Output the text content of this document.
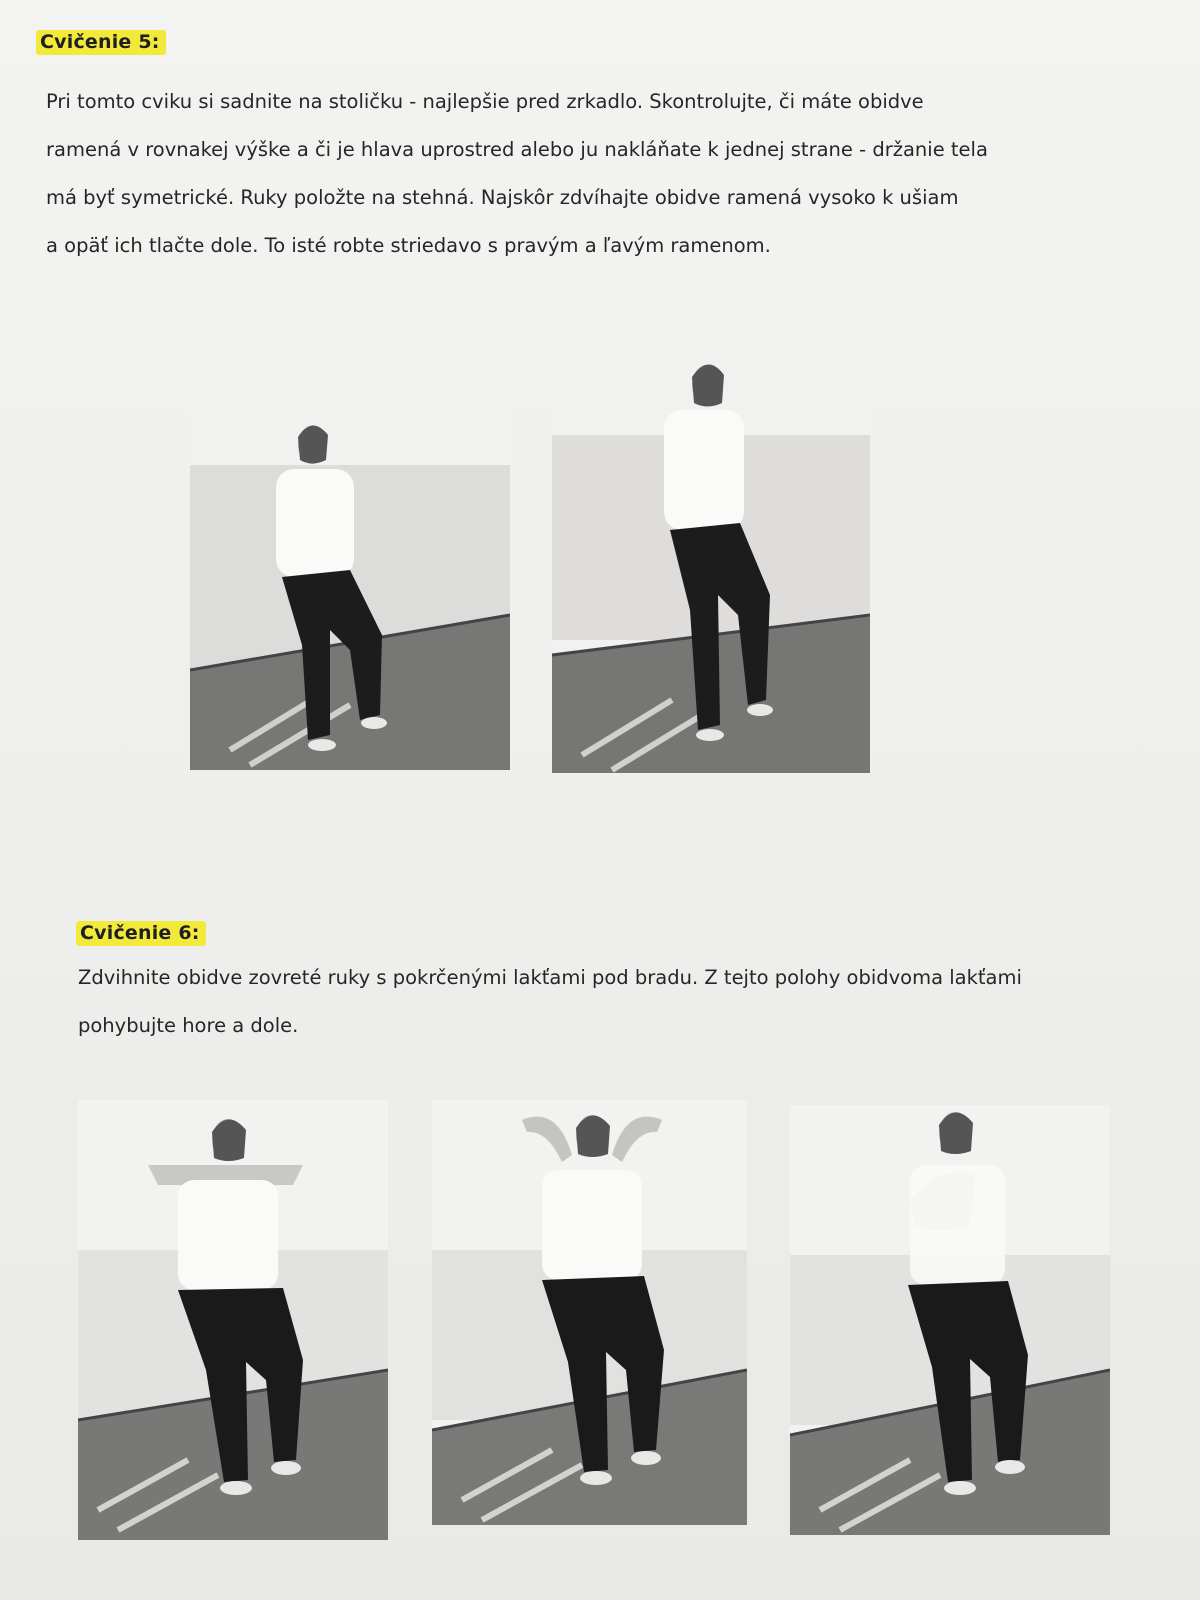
Cvičenie 5:
Pri tomto cviku si sadnite na stoličku - najlepšie pred zrkadlo. Skontrolujte, či máte obidve
ramená v rovnakej výške a či je hlava uprostred alebo ju nakláňate k jednej strane - držanie tela
má byť symetrické. Ruky položte na stehná. Najskôr zdvíhajte obidve ramená vysoko k ušiam
a opäť ich tlačte dole. To isté robte striedavo s pravým a ľavým ramenom.
Cvičenie 6:
Zdvihnite obidve zovreté ruky s pokrčenými lakťami pod bradu. Z tejto polohy obidvoma lakťami
pohybujte hore a dole.
